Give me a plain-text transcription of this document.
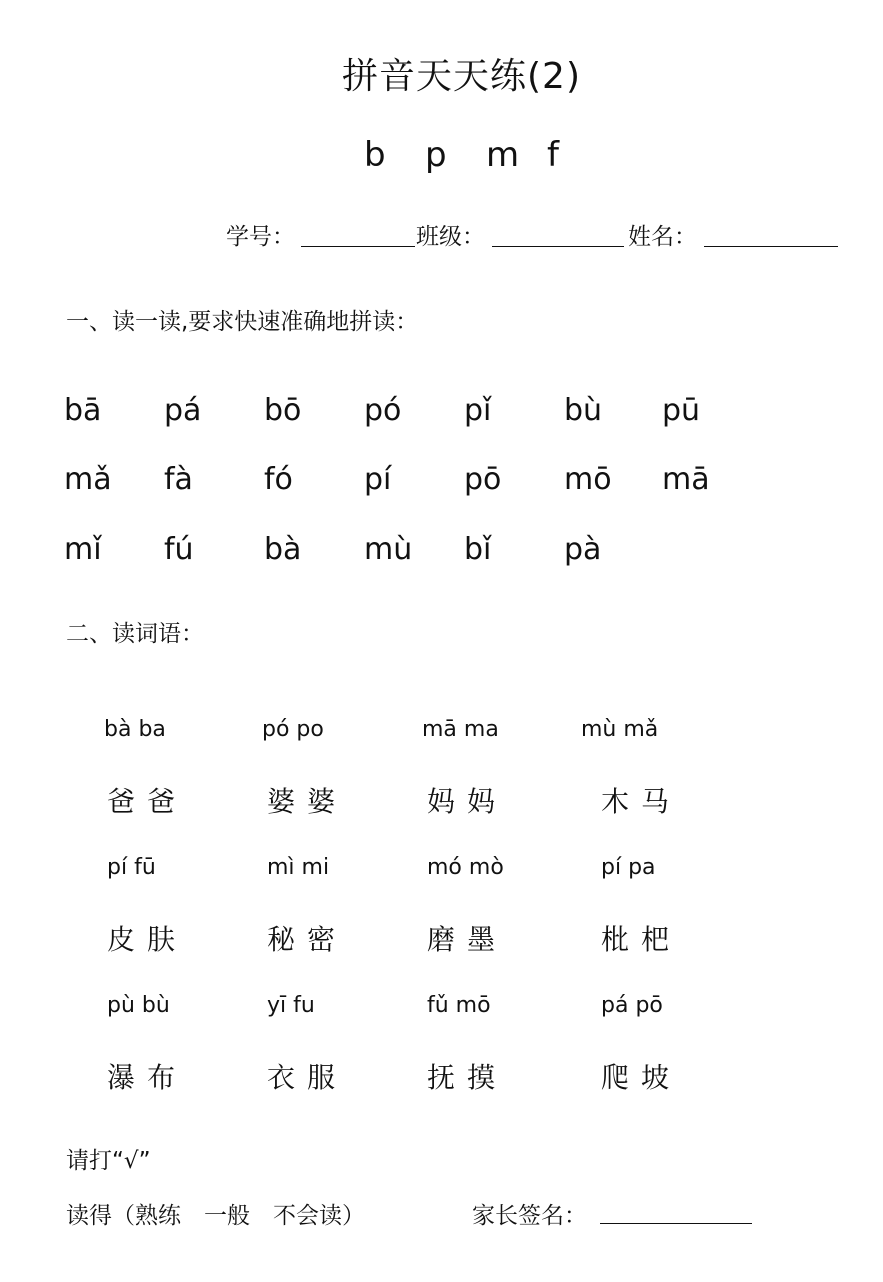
拼音天天练(2)
b p m f
学号：	班级：	姓名：
一、读一读,要求快速准确地拼读：
bā pá bō pó pǐ bù pū
mǎ fà fó pí pō mō mā
mǐ fú bà mù bǐ pà
二、读词语：
bà ba	pó po	mā ma	mù mǎ
爸爸	婆婆	妈妈	木马
pí fū	mì mi	mó mò	pí pa
皮肤	秘密	磨墨	枇杷
pù bù	yī fu	fǔ mō	pá pō
瀑布	衣服	抚摸	爬坡
请打“√”
读得（熟练　一般　不会读）	家长签名：
